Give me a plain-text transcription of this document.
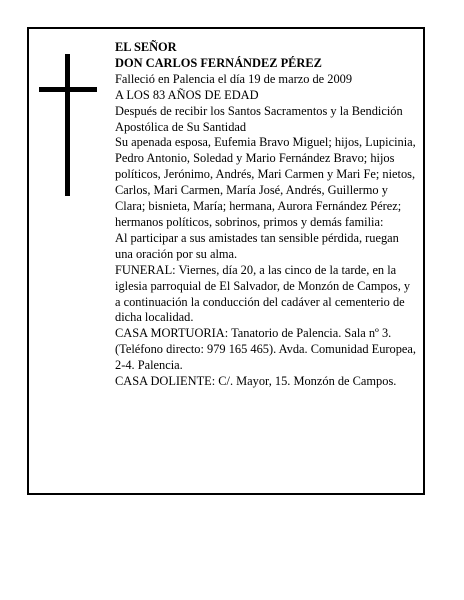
EL SEÑOR

DON CARLOS FERNÁNDEZ PÉREZ

Falleció en Palencia el día 19 de marzo de 2009

A LOS 83 AÑOS DE EDAD

Después de recibir los Santos Sacramentos y la Bendición Apostólica de Su Santidad

Su apenada esposa, Eufemia Bravo Miguel; hijos, Lupicinia, Pedro Antonio, Soledad y Mario Fernández Bravo; hijos políticos, Jerónimo, Andrés, Mari Carmen y Mari Fe; nietos, Carlos, Mari Carmen, María José, Andrés, Guillermo y Clara; bisnieta, María; hermana, Aurora Fernández Pérez; hermanos políticos, sobrinos, primos y demás familia:

Al participar a sus amistades tan sensible pérdida, ruegan una oración por su alma.

FUNERAL: Viernes, día 20, a las cinco de la tarde, en la iglesia parroquial de El Salvador, de Monzón de Campos, y a continuación la conducción del cadáver al cementerio de dicha localidad.

CASA MORTUORIA: Tanatorio de Palencia. Sala nº 3. (Teléfono directo: 979 165 465). Avda. Comunidad Europea, 2-4. Palencia.

CASA DOLIENTE: C/. Mayor, 15. Monzón de Campos.
